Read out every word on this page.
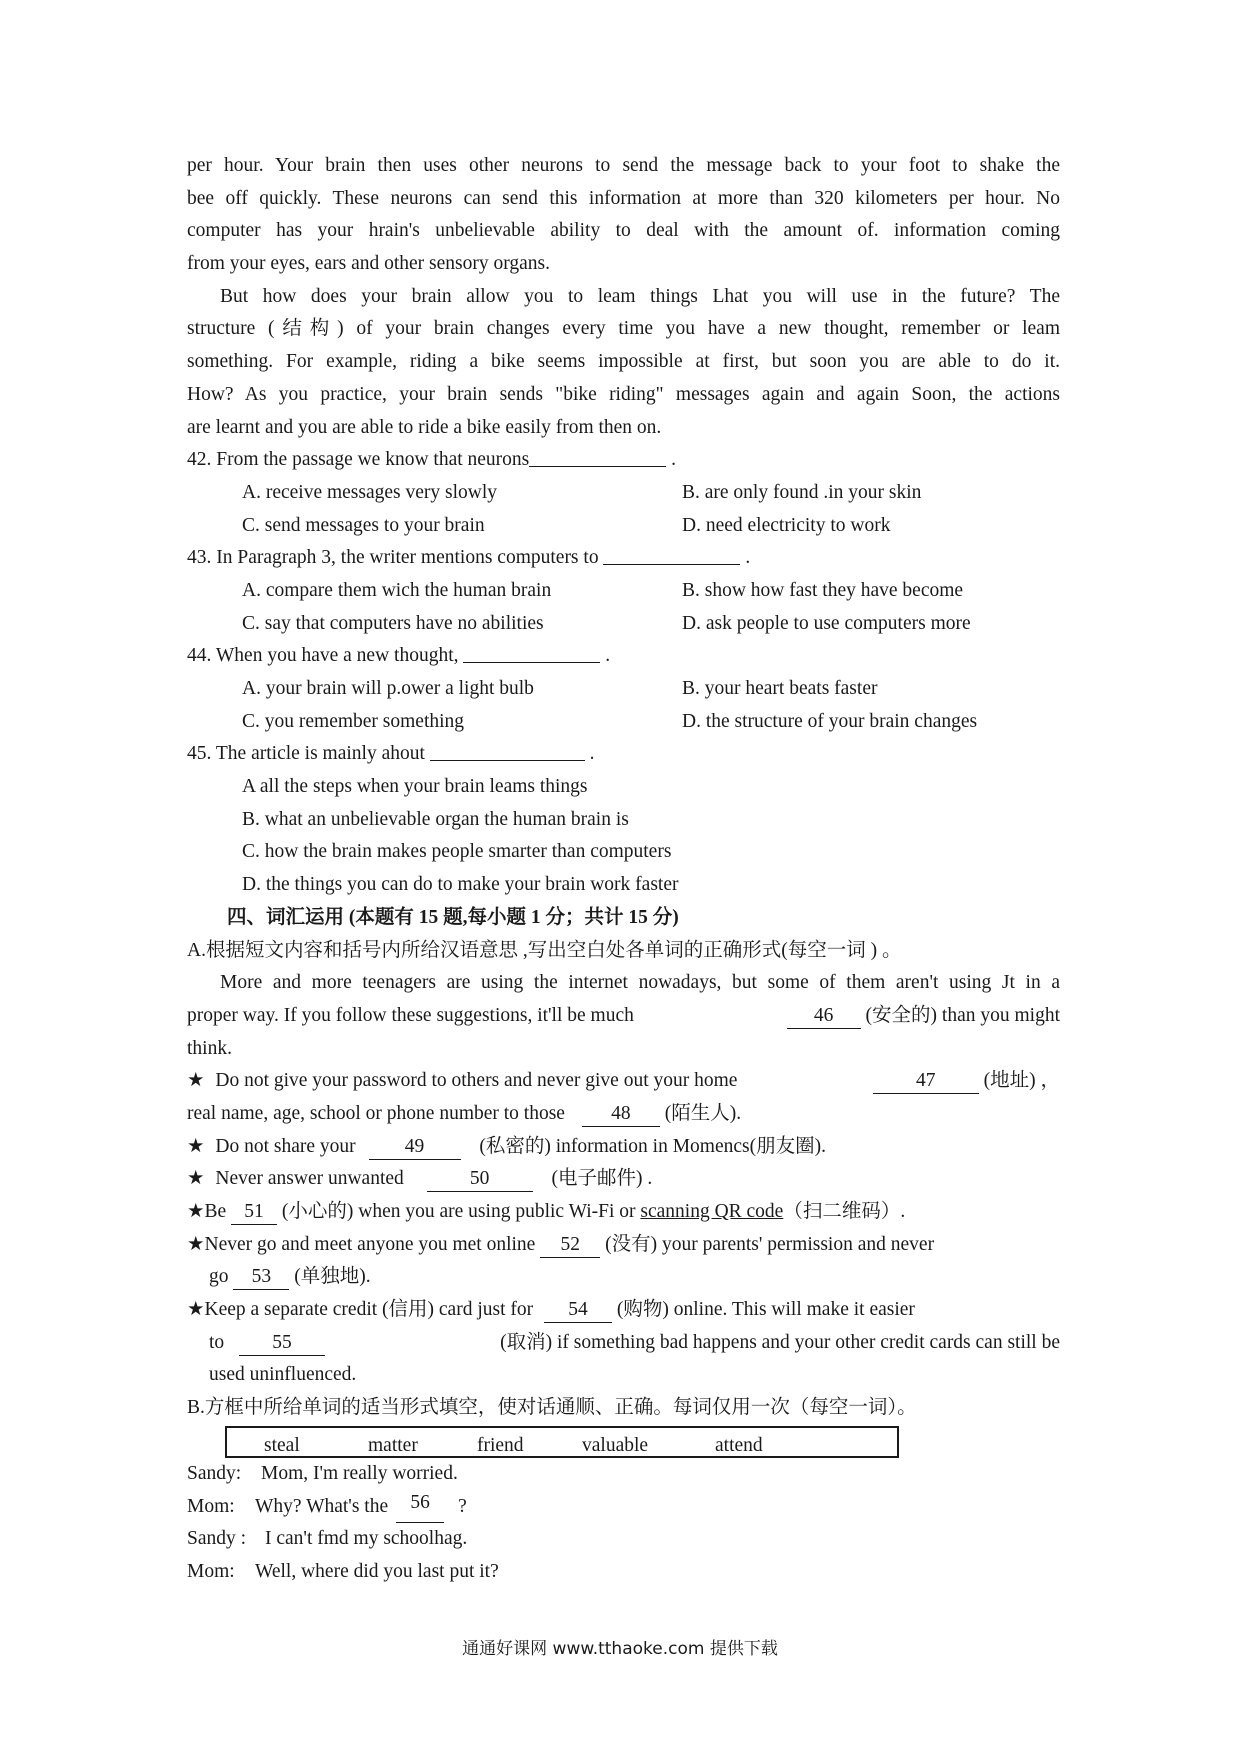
per hour. Your brain then uses other neurons to send the message back to your foot to shake the
bee off quickly. These neurons can send this information at more than 320 kilometers per hour. No
computer has your hrain's unbelievable ability to deal with the amount of. information coming
from your eyes, ears and other sensory organs.
But how does your brain allow you to leam things Lhat you will use in the future? The
structure (结构) of your brain changes every time you have a new thought, remember or leam
something. For example, riding a bike seems impossible at first, but soon you are able to do it.
How? As you practice, your brain sends "bike riding" messages again and again Soon, the actions
are learnt and you are able to ride a bike easily from then on.
42. From the passage we know that neurons	.
A. receive messages very slowly	B. are only found .in your skin
C. send messages to your brain	D. need electricity to work
43. In Paragraph 3, the writer mentions computers to	.
A. compare them wich the human brain	B. show how fast they have become
C. say that computers have no abilities	D. ask people to use computers more
44. When you have a new thought,	.
A. your brain will p.ower a light bulb	B. your heart beats faster
C. you remember something	D. the structure of your brain changes
45. The article is mainly ahout	.
A all the steps when your brain leams things
B. what an unbelievable organ the human brain is
C. how the brain makes people smarter than computers
D. the things you can do to make your brain work faster
四、词汇运用 (本题有 15 题,每小题 1 分；共计 15 分)
A.根据短文内容和括号内所给汉语意思 ,写出空白处各单词的正确形式(每空一词 ) 。
More and more teenagers are using the internet nowadays, but some of them aren't using Jt in a
proper way. If you follow these suggestions, it'll be much	46 (安全的) than you might
think.
★ Do not give your password to others and never give out your home	47 (地址) ，
real name, age, school or phone number to those 48 (陌生人).
★ Do not share your	49	(私密的) information in Momencs(朋友圈).
★ Never answer unwanted	50	(电子邮件) .
★Be 51 (小心的) when you are using public Wi-Fi or scanning QR code（扫二维码）.
★Never go and meet anyone you met online 52 (没有) your parents' permission and never
go 53 (单独地).
★Keep a separate credit (信用) card just for 54 (购物) online. This will make it easier
to 55	(取消) if something bad happens and your other credit cards can still be
used uninfluenced.
B.方框中所给单词的适当形式填空，使对话通顺、正确。每词仅用一次（每空一词）。
steal	matter	friend	valuable	attend
Sandy:	Mom, I'm really worried.
Mom:	Why? What's the	56	?
Sandy : I can't fmd my schoolhag.
Mom:	Well, where did you last put it?
通通好课网 www.tthaoke.com 提供下载
